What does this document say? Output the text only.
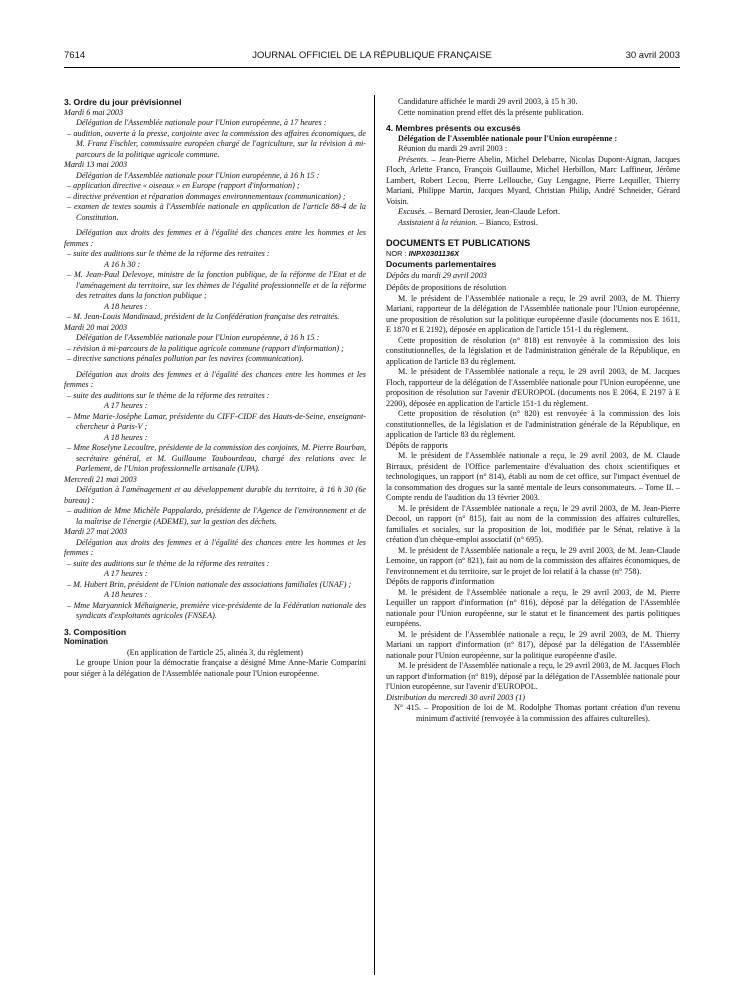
7614	JOURNAL OFFICIEL DE LA RÉPUBLIQUE FRANÇAISE	30 avril 2003

3. Ordre du jour prévisionnel

Mardi 6 mai 2003

Délégation de l'Assemblée nationale pour l'Union européenne, à 17 heures :

– audition, ouverte à la presse, conjointe avec la commission des affaires économiques, de M. Franz Fischler, commissaire européen chargé de l'agriculture, sur la révision à mi-parcours de la politique agricole commune.

Mardi 13 mai 2003

Délégation de l'Assemblée nationale pour l'Union européenne, à 16 h 15 :

– application directive « oiseaux » en Europe (rapport d'information) ;

– directive prévention et réparation dommages environnementaux (communication) ;

– examen de textes soumis à l'Assemblée nationale en application de l'article 88-4 de la Constitution.

Délégation aux droits des femmes et à l'égalité des chances entre les hommes et les femmes :

– suite des auditions sur le thème de la réforme des retraites :

A 16 h 30 :

– M. Jean-Paul Delevoye, ministre de la fonction publique, de la réforme de l'Etat et de l'aménagement du territoire, sur les thèmes de l'égalité professionnelle et de la réforme des retraites dans la fonction publique ;

A 18 heures :

– M. Jean-Louis Mandinaud, président de la Confédération française des retraités.

Mardi 20 mai 2003

Délégation de l'Assemblée nationale pour l'Union européenne, à 16 h 15 :

– révision à mi-parcours de la politique agricole commune (rapport d'information) ;

– directive sanctions pénales pollution par les navires (communication).

Délégation aux droits des femmes et à l'égalité des chances entre les hommes et les femmes :

– suite des auditions sur le thème de la réforme des retraites :

A 17 heures :

– Mme Marie-Josèphe Lamar, présidente du CIFF-CIDF des Hauts-de-Seine, enseignant-chercheur à Paris-V ;

A 18 heures :

– Mme Roselyne Lecoultre, présidente de la commission des conjoints, M. Pierre Bourban, secrétaire général, et M. Guillaume Taubourdeau, chargé des relations avec le Parlement, de l'Union professionnelle artisanale (UPA).

Mercredi 21 mai 2003

Délégation à l'aménagement et au développement durable du territoire, à 16 h 30 (6e bureau) :

– audition de Mme Michèle Pappalardo, présidente de l'Agence de l'environnement et de la maîtrise de l'énergie (ADEME), sur la gestion des déchets.

Mardi 27 mai 2003

Délégation aux droits des femmes et à l'égalité des chances entre les hommes et les femmes :

– suite des auditions sur le thème de la réforme des retraites :

A 17 heures :

– M. Hubert Brin, président de l'Union nationale des associations familiales (UNAF) ;

A 18 heures :

– Mme Maryannick Méhaignerie, première vice-présidente de la Fédération nationale des syndicats d'exploitants agricoles (FNSEA).

3. Composition

Nomination

(En application de l'article 25, alinéa 3, du règlement)

Le groupe Union pour la démocratie française a désigné Mme Anne-Marie Comparini pour siéger à la délégation de l'Assemblée nationale pour l'Union européenne.

Candidature affichée le mardi 29 avril 2003, à 15 h 30.

Cette nomination prend effet dès la présente publication.

4. Membres présents ou excusés

Délégation de l'Assemblée nationale pour l'Union européenne :

Réunion du mardi 29 avril 2003 :

Présents. – Jean-Pierre Abelin, Michel Delebarre, Nicolas Dupont-Aignan, Jacques Floch, Arlette Franco, François Guillaume, Michel Herbillon, Marc Laffineur, Jérôme Lambert, Robert Lecou, Pierre Lellouche, Guy Lengagne, Pierre Lequiller, Thierry Mariani, Philippe Martin, Jacques Myard, Christian Philip, André Schneider, Gérard Voisin.

Excusés. – Bernard Derosier, Jean-Claude Lefort.

Assistaient à la réunion. – Bianco, Estrosi.

DOCUMENTS ET PUBLICATIONS

NOR : INPX0301136X

Documents parlementaires

Dépôts du mardi 29 avril 2003

Dépôts de propositions de résolution

M. le président de l'Assemblée nationale a reçu, le 29 avril 2003, de M. Thierry Mariani, rapporteur de la délégation de l'Assemblée nationale pour l'Union européenne, une proposition de résolution sur la politique européenne d'asile (documents nos E 1611, E 1870 et E 2192), déposée en application de l'article 151-1 du règlement.

Cette proposition de résolution (n° 818) est renvoyée à la commission des lois constitutionnelles, de la législation et de l'administration générale de la République, en application de l'article 83 du règlement.

M. le président de l'Assemblée nationale a reçu, le 29 avril 2003, de M. Jacques Floch, rapporteur de la délégation de l'Assemblée nationale pour l'Union européenne, une proposition de résolution sur l'avenir d'EUROPOL (documents nos E 2064, E 2197 à E 2200), déposée en application de l'article 151-1 du règlement.

Cette proposition de résolution (n° 820) est renvoyée à la commission des lois constitutionnelles, de la législation et de l'administration générale de la République, en application de l'article 83 du règlement.

Dépôts de rapports

M. le président de l'Assemblée nationale a reçu, le 29 avril 2003, de M. Claude Birraux, président de l'Office parlementaire d'évaluation des choix scientifiques et technologiques, un rapport (n° 814), établi au nom de cet office, sur l'impact éventuel de la consommation des drogues sur la santé mentale de leurs consommateurs. – Tome II. – Compte rendu de l'audition du 13 février 2003.

M. le président de l'Assemblée nationale a reçu, le 29 avril 2003, de M. Jean-Pierre Decool, un rapport (n° 815), fait au nom de la commission des affaires culturelles, familiales et sociales, sur la proposition de loi, modifiée par le Sénat, relative à la création d'un chèque-emploi associatif (n° 695).

M. le président de l'Assemblée nationale a reçu, le 29 avril 2003, de M. Jean-Claude Lemoine, un rapport (n° 821), fait au nom de la commission des affaires économiques, de l'environnement et du territoire, sur le projet de loi relatif à la chasse (n° 758).

Dépôts de rapports d'information

M. le président de l'Assemblée nationale a reçu, le 29 avril 2003, de M. Pierre Lequiller un rapport d'information (n° 816), déposé par la délégation de l'Assemblée nationale pour l'Union européenne, sur le statut et le financement des partis politiques européens.

M. le président de l'Assemblée nationale a reçu, le 29 avril 2003, de M. Thierry Mariani un rapport d'information (n° 817), déposé par la délégation de l'Assemblée nationale pour l'Union européenne, sur la politique européenne d'asile.

M. le président de l'Assemblée nationale a reçu, le 29 avril 2003, de M. Jacques Floch un rapport d'information (n° 819), déposé par la délégation de l'Assemblée nationale pour l'Union européenne, sur l'avenir d'EUROPOL.

Distribution du mercredi 30 avril 2003 (1)

N° 415. – Proposition de loi de M. Rodolphe Thomas portant création d'un revenu minimum d'activité (renvoyée à la commission des affaires culturelles).
